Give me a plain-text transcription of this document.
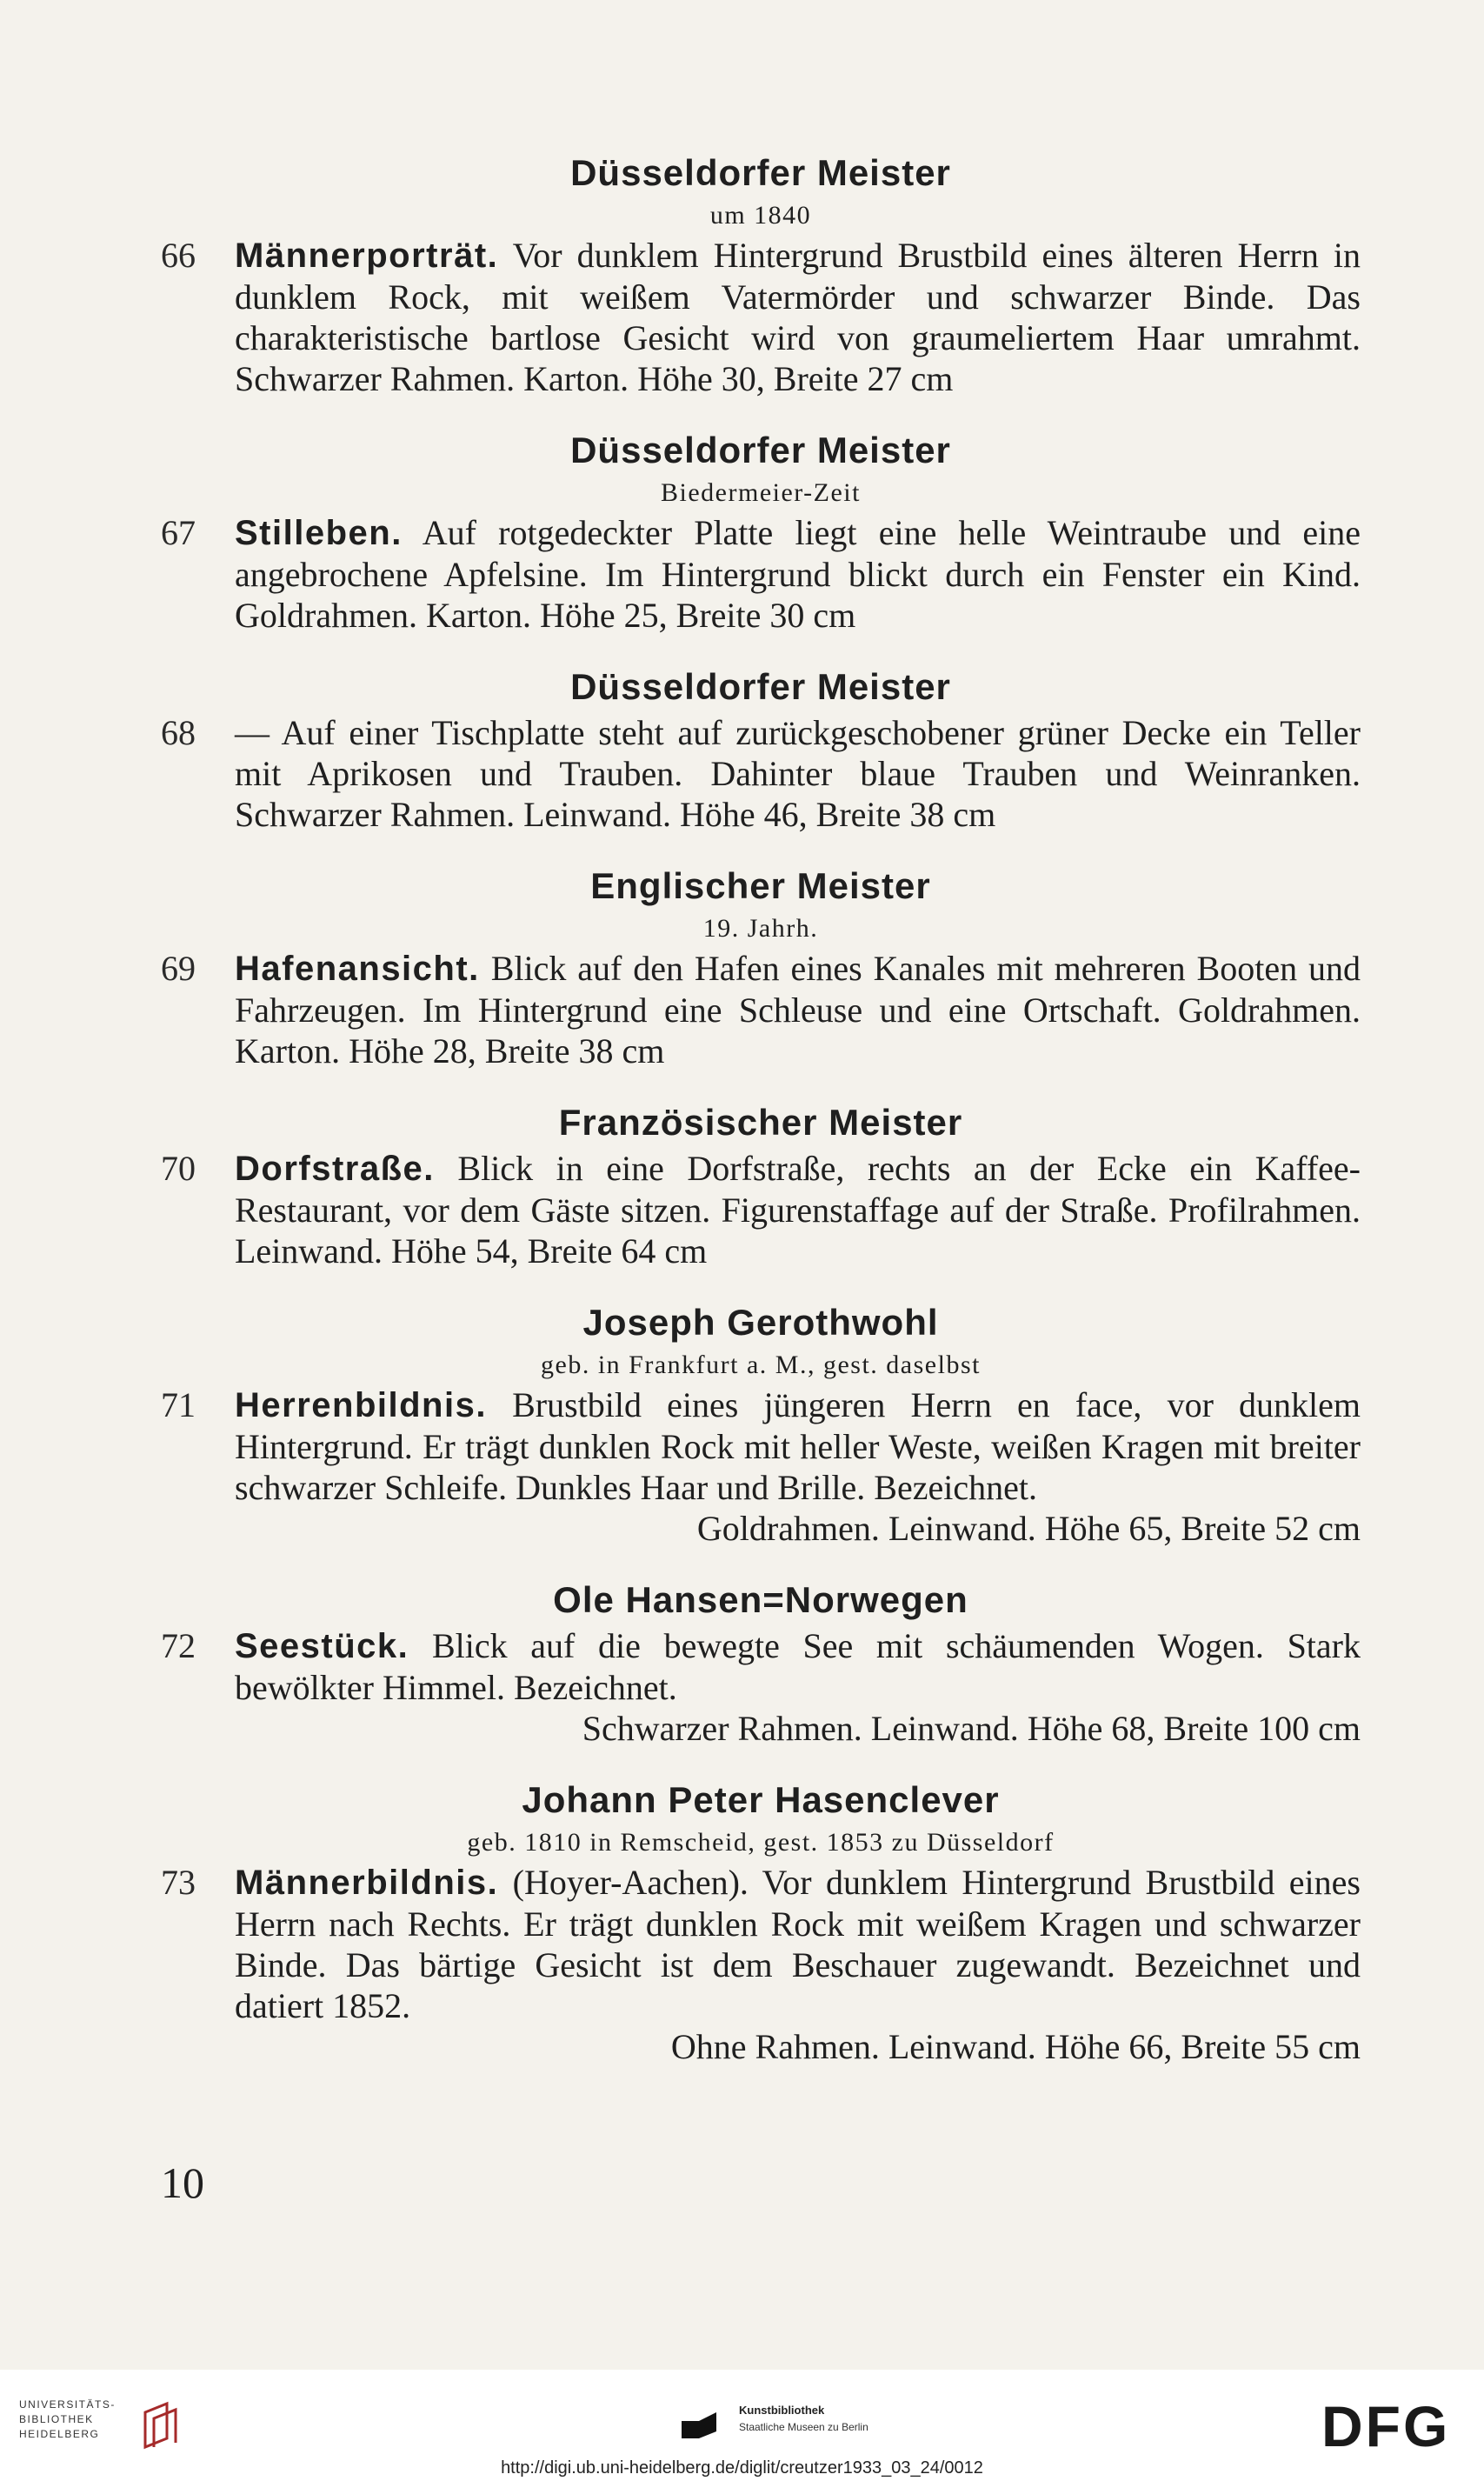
Düsseldorfer Meister
um 1840
66 Männerporträt. Vor dunklem Hintergrund Brustbild eines älteren Herrn in dunklem Rock, mit weißem Vatermörder und schwarzer Binde. Das charakteristische bartlose Gesicht wird von graumeliertem Haar umrahmt. Schwarzer Rahmen. Karton. Höhe 30, Breite 27 cm
Düsseldorfer Meister
Biedermeier-Zeit
67 Stilleben. Auf rotgedeckter Platte liegt eine helle Weintraube und eine angebrochene Apfelsine. Im Hintergrund blickt durch ein Fenster ein Kind. Goldrahmen. Karton. Höhe 25, Breite 30 cm
Düsseldorfer Meister
68 — Auf einer Tischplatte steht auf zurückgeschobener grüner Decke ein Teller mit Aprikosen und Trauben. Dahinter blaue Trauben und Weinranken. Schwarzer Rahmen. Leinwand. Höhe 46, Breite 38 cm
Englischer Meister
19. Jahrh.
69 Hafenansicht. Blick auf den Hafen eines Kanales mit mehreren Booten und Fahrzeugen. Im Hintergrund eine Schleuse und eine Ortschaft. Goldrahmen. Karton. Höhe 28, Breite 38 cm
Französischer Meister
70 Dorfstraße. Blick in eine Dorfstraße, rechts an der Ecke ein Kaffee-Restaurant, vor dem Gäste sitzen. Figurenstaffage auf der Straße. Profilrahmen. Leinwand. Höhe 54, Breite 64 cm
Joseph Gerothwohl
geb. in Frankfurt a. M., gest. daselbst
71 Herrenbildnis. Brustbild eines jüngeren Herrn en face, vor dunklem Hintergrund. Er trägt dunklen Rock mit heller Weste, weißen Kragen mit breiter schwarzer Schleife. Dunkles Haar und Brille. Bezeichnet.
Goldrahmen. Leinwand. Höhe 65, Breite 52 cm
Ole Hansen=Norwegen
72 Seestück. Blick auf die bewegte See mit schäumenden Wogen. Stark bewölkter Himmel. Bezeichnet.
Schwarzer Rahmen. Leinwand. Höhe 68, Breite 100 cm
Johann Peter Hasenclever
geb. 1810 in Remscheid, gest. 1853 zu Düsseldorf
73 Männerbildnis. (Hoyer-Aachen). Vor dunklem Hintergrund Brustbild eines Herrn nach Rechts. Er trägt dunklen Rock mit weißem Kragen und schwarzer Binde. Das bärtige Gesicht ist dem Beschauer zugewandt. Bezeichnet und datiert 1852.
Ohne Rahmen. Leinwand. Höhe 66, Breite 55 cm
10
UNIVERSITÄTS-
BIBLIOTHEK
HEIDELBERG
Kunstbibliothek
Staatliche Museen zu Berlin	DFG
http://digi.ub.uni-heidelberg.de/diglit/creutzer1933_03_24/0012
